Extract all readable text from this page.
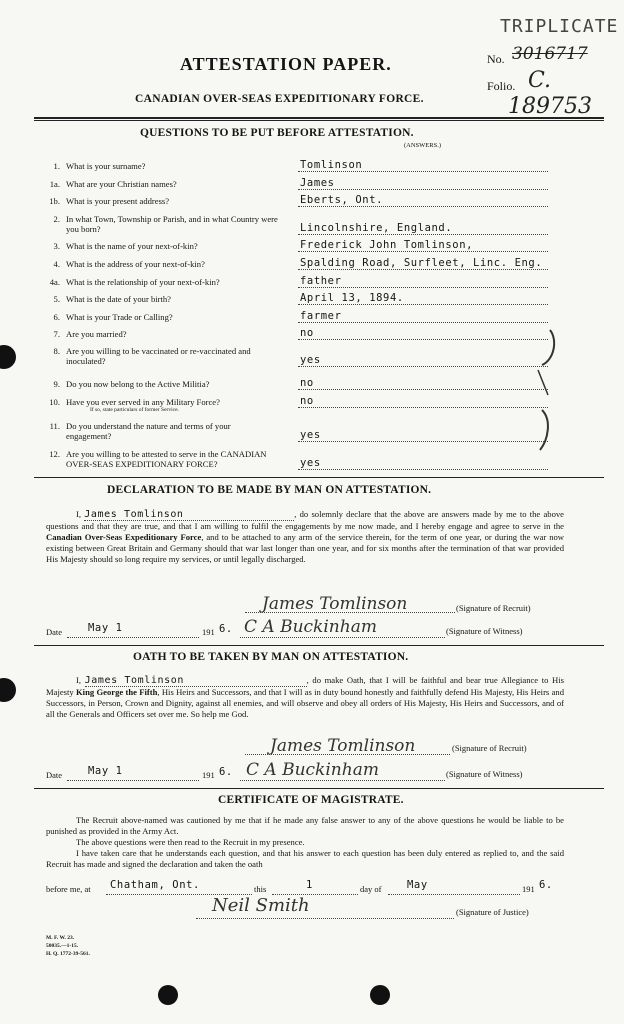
TRIPLICATE
ATTESTATION PAPER.
CANADIAN OVER-SEAS EXPEDITIONARY FORCE.
No. 3016717
Folio. C.
189753
QUESTIONS TO BE PUT BEFORE ATTESTATION.
(ANSWERS.)
1. What is your surname?	Tomlinson
1a. What are your Christian names?	James
1b. What is your present address?	Eberts, Ont.
2. In what Town, Township or Parish, and in what Country were you born?	Lincolnshire, England.
3. What is the name of your next-of-kin?	Frederick John Tomlinson,
4. What is the address of your next-of-kin?	Spalding Road, Surfleet, Linc. Eng.
4a. What is the relationship of your next-of-kin?	father
5. What is the date of your birth?	April 13, 1894.
6. What is your Trade or Calling?	farmer
7. Are you married?	no
8. Are you willing to be vaccinated or re-vaccinated and inoculated?	yes
9. Do you now belong to the Active Militia?	no
10. Have you ever served in any Military Force?
If so, state particulars of former Service.
no
11. Do you understand the nature and terms of your engagement?	yes
12. Are you willing to be attested to serve in the CANADIAN OVER-SEAS EXPEDITIONARY FORCE?	yes
DECLARATION TO BE MADE BY MAN ON ATTESTATION.
I, James Tomlinson	, do solemnly declare that the above are answers made by me to the above questions and that they are true, and that I am willing to fulfil the engagements by me now made, and I hereby engage and agree to serve in the Canadian Over-Seas Expeditionary Force, and to be attached to any arm of the service therein, for the term of one year, or during the war now existing between Great Britain and Germany should that war last longer than one year, and for six months after the termination of that war provided His Majesty should so long require my services, or until legally discharged.
James Tomlinson	(Signature of Recruit)
Date May 1	191 6. C A Buckinham	(Signature of Witness)
OATH TO BE TAKEN BY MAN ON ATTESTATION.
I, James Tomlinson	, do make Oath, that I will be faithful and bear true Allegiance to His Majesty King George the Fifth, His Heirs and Successors, and that I will as in duty bound honestly and faithfully defend His Majesty, His Heirs and Successors, in Person, Crown and Dignity, against all enemies, and will observe and obey all orders of His Majesty, His Heirs and Successors, and of all the Generals and Officers set over me. So help me God.
James Tomlinson	(Signature of Recruit)
Date May 1	191 6. C A Buckinham	(Signature of Witness)
CERTIFICATE OF MAGISTRATE.
The Recruit above-named was cautioned by me that if he made any false answer to any of the above questions he would be liable to be punished as provided in the Army Act.
The above questions were then read to the Recruit in my presence.
I have taken care that he understands each question, and that his answer to each question has been duly entered as replied to, and the said Recruit has made and signed the declaration and taken the oath
before me, at Chatham, Ont.	this	1	day of May	191 6.
Neil Smith	(Signature of Justice)
M. F. W. 23.
50035.—1-15.
H. Q. 1772-39-561.
